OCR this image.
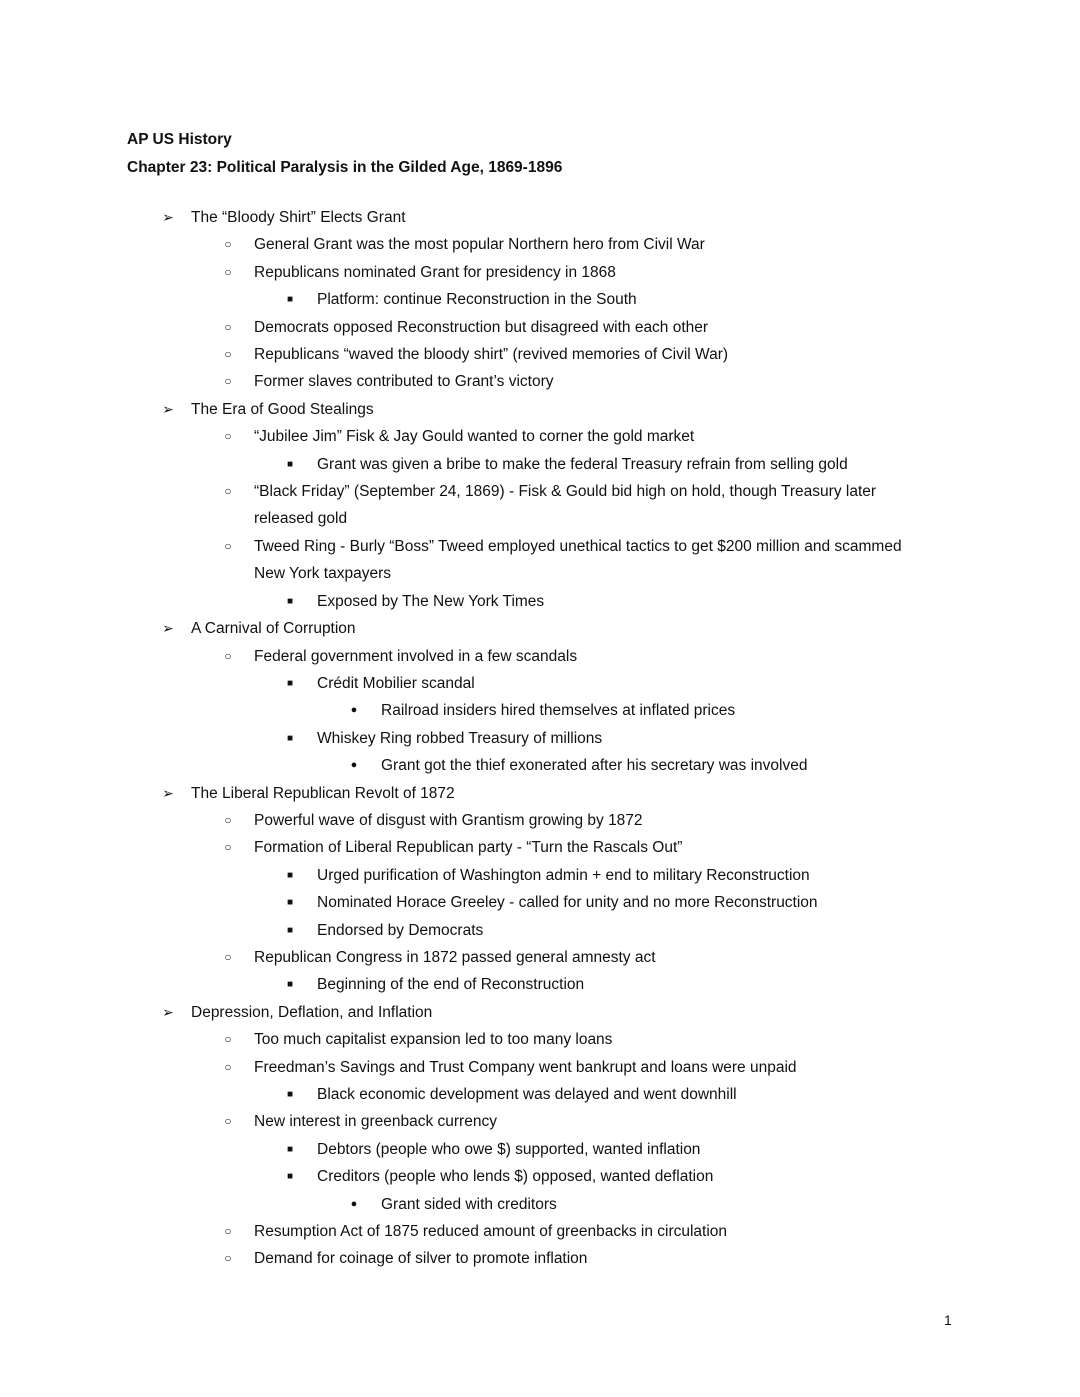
AP US History
Chapter 23: Political Paralysis in the Gilded Age, 1869-1896
➢ The “Bloody Shirt” Elects Grant
○ General Grant was the most popular Northern hero from Civil War
○ Republicans nominated Grant for presidency in 1868
■	Platform: continue Reconstruction in the South
○ Democrats opposed Reconstruction but disagreed with each other
○ Republicans “waved the bloody shirt” (revived memories of Civil War)
○ Former slaves contributed to Grant’s victory
➢ The Era of Good Stealings
○ “Jubilee Jim” Fisk & Jay Gould wanted to corner the gold market
■	Grant was given a bribe to make the federal Treasury refrain from selling gold
○ “Black Friday” (September 24, 1869) - Fisk & Gould bid high on hold, though Treasury later released gold
○ Tweed Ring - Burly “Boss” Tweed employed unethical tactics to get $200 million and scammed New York taxpayers
■	Exposed by The New York Times
➢ A Carnival of Corruption
○ Federal government involved in a few scandals
■	Crédit Mobilier scandal
●	Railroad insiders hired themselves at inflated prices
■	Whiskey Ring robbed Treasury of millions
●	Grant got the thief exonerated after his secretary was involved
➢ The Liberal Republican Revolt of 1872
○ Powerful wave of disgust with Grantism growing by 1872
○ Formation of Liberal Republican party - “Turn the Rascals Out”
■	Urged purification of Washington admin + end to military Reconstruction
■	Nominated Horace Greeley - called for unity and no more Reconstruction
■	Endorsed by Democrats
○ Republican Congress in 1872 passed general amnesty act
■	Beginning of the end of Reconstruction
➢ Depression, Deflation, and Inflation
○ Too much capitalist expansion led to too many loans
○ Freedman’s Savings and Trust Company went bankrupt and loans were unpaid
■	Black economic development was delayed and went downhill
○ New interest in greenback currency
■	Debtors (people who owe $) supported, wanted inflation
■	Creditors (people who lends $) opposed, wanted deflation
●	Grant sided with creditors
○ Resumption Act of 1875 reduced amount of greenbacks in circulation
○ Demand for coinage of silver to promote inflation
1
